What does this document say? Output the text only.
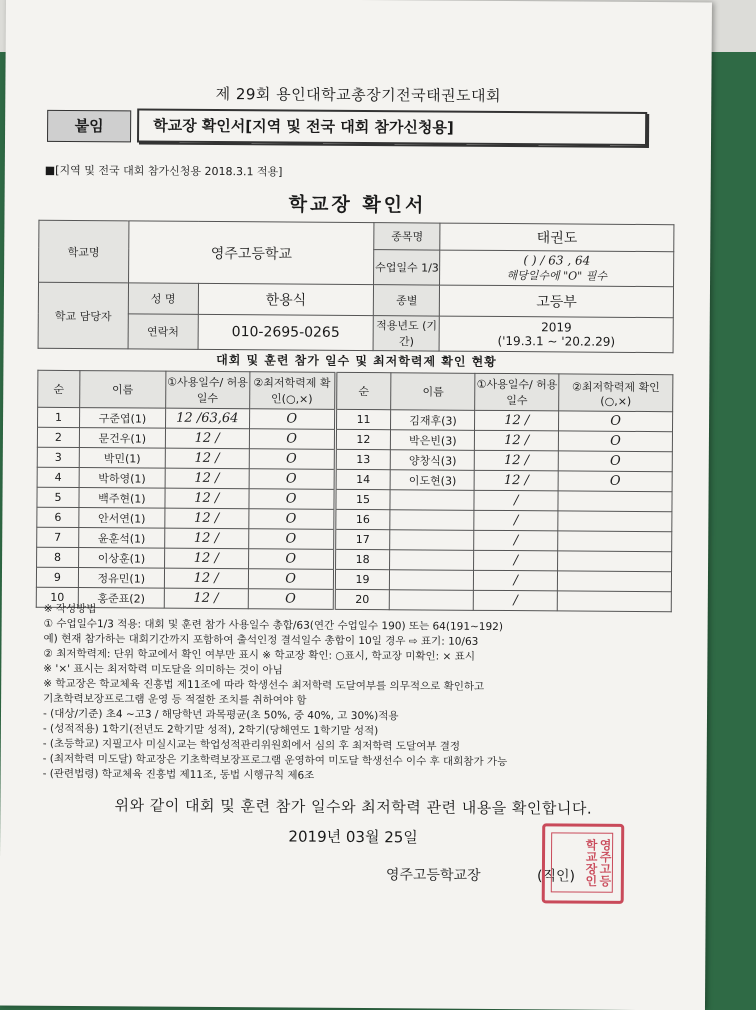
제 29회 용인대학교총장기전국태권도대회
붙임	학교장 확인서[지역 및 전국 대회 참가신청용]
■[지역 및 전국 대회 참가신청용 2018.3.1 적용]
학교장 확인서
학교명	영주고등학교		종목명	태권도
			수업일수 1/3	( ) / 63 , 64
해당일수에 "O" 필수

학교 담당자	성 명	한용식	종별	고등부
	연락처	010-2695-0265	적용년도 (기간)	2019
('19.3.1 ~ '20.2.29)
대회 및 훈련 참가 일수 및 최저학력제 확인 현황
순	이름	①사용일수/ 허용일수	②최저학력제 확인(○,×)	순	이름	①사용일수/ 허용일수	②최저학력제 확인(○,×)
1	구준엽(1)	12 /63,64	O	11	김재후(3)	12 /	O
2	문건우(1)	12 /	O	12	박은빈(3)	12 /	O
3	박민(1)	12 /	O	13	양창식(3)	12 /	O
4	박하영(1)	12 /	O	14	이도현(3)	12 /	O
5	백주현(1)	12 /	O	15		/	
6	안서연(1)	12 /	O	16		/	
7	윤훈석(1)	12 /	O	17		/	
8	이상훈(1)	12 /	O	18		/	
9	정유민(1)	12 /	O	19		/	
10	홍준표(2)	12 /	O	20		/	
※ 작성방법
① 수업일수1/3 적용: 대회 및 훈련 참가 사용일수 총합/63(연간 수업일수 190) 또는 64(191~192)
예) 현재 참가하는 대회기간까지 포함하여 출석인정 결석일수 총합이 10일 경우 ⇨ 표기: 10/63
② 최저학력제: 단위 학교에서 확인 여부만 표시 ※ 학교장 확인: ○표시, 학교장 미확인: × 표시
※ '×' 표시는 최저학력 미도달을 의미하는 것이 아님
※ 학교장은 학교체육 진흥법 제11조에 따라 학생선수 최저학력 도달여부를 의무적으로 확인하고
기초학력보장프로그램 운영 등 적절한 조치를 취하여야 함
- (대상/기준) 초4 ~고3 / 해당학년 과목평균(초 50%, 중 40%, 고 30%)적용
- (성적적용) 1학기(전년도 2학기말 성적), 2학기(당해연도 1학기말 성적)
- (초등학교) 지필고사 미실시교는 학업성적관리위원회에서 심의 후 최저학력 도달여부 결정
- (최저학력 미도달) 학교장은 기초학력보장프로그램 운영하여 미도달 학생선수 이수 후 대회참가 가능
- (관련법령) 학교체육 진흥법 제11조, 동법 시행규칙 제6조
위와 같이 대회 및 훈련 참가 일수와 최저학력 관련 내용을 확인합니다.
2019년 03월 25일
영주고등학교장	(직인)	영주고등학교장인
